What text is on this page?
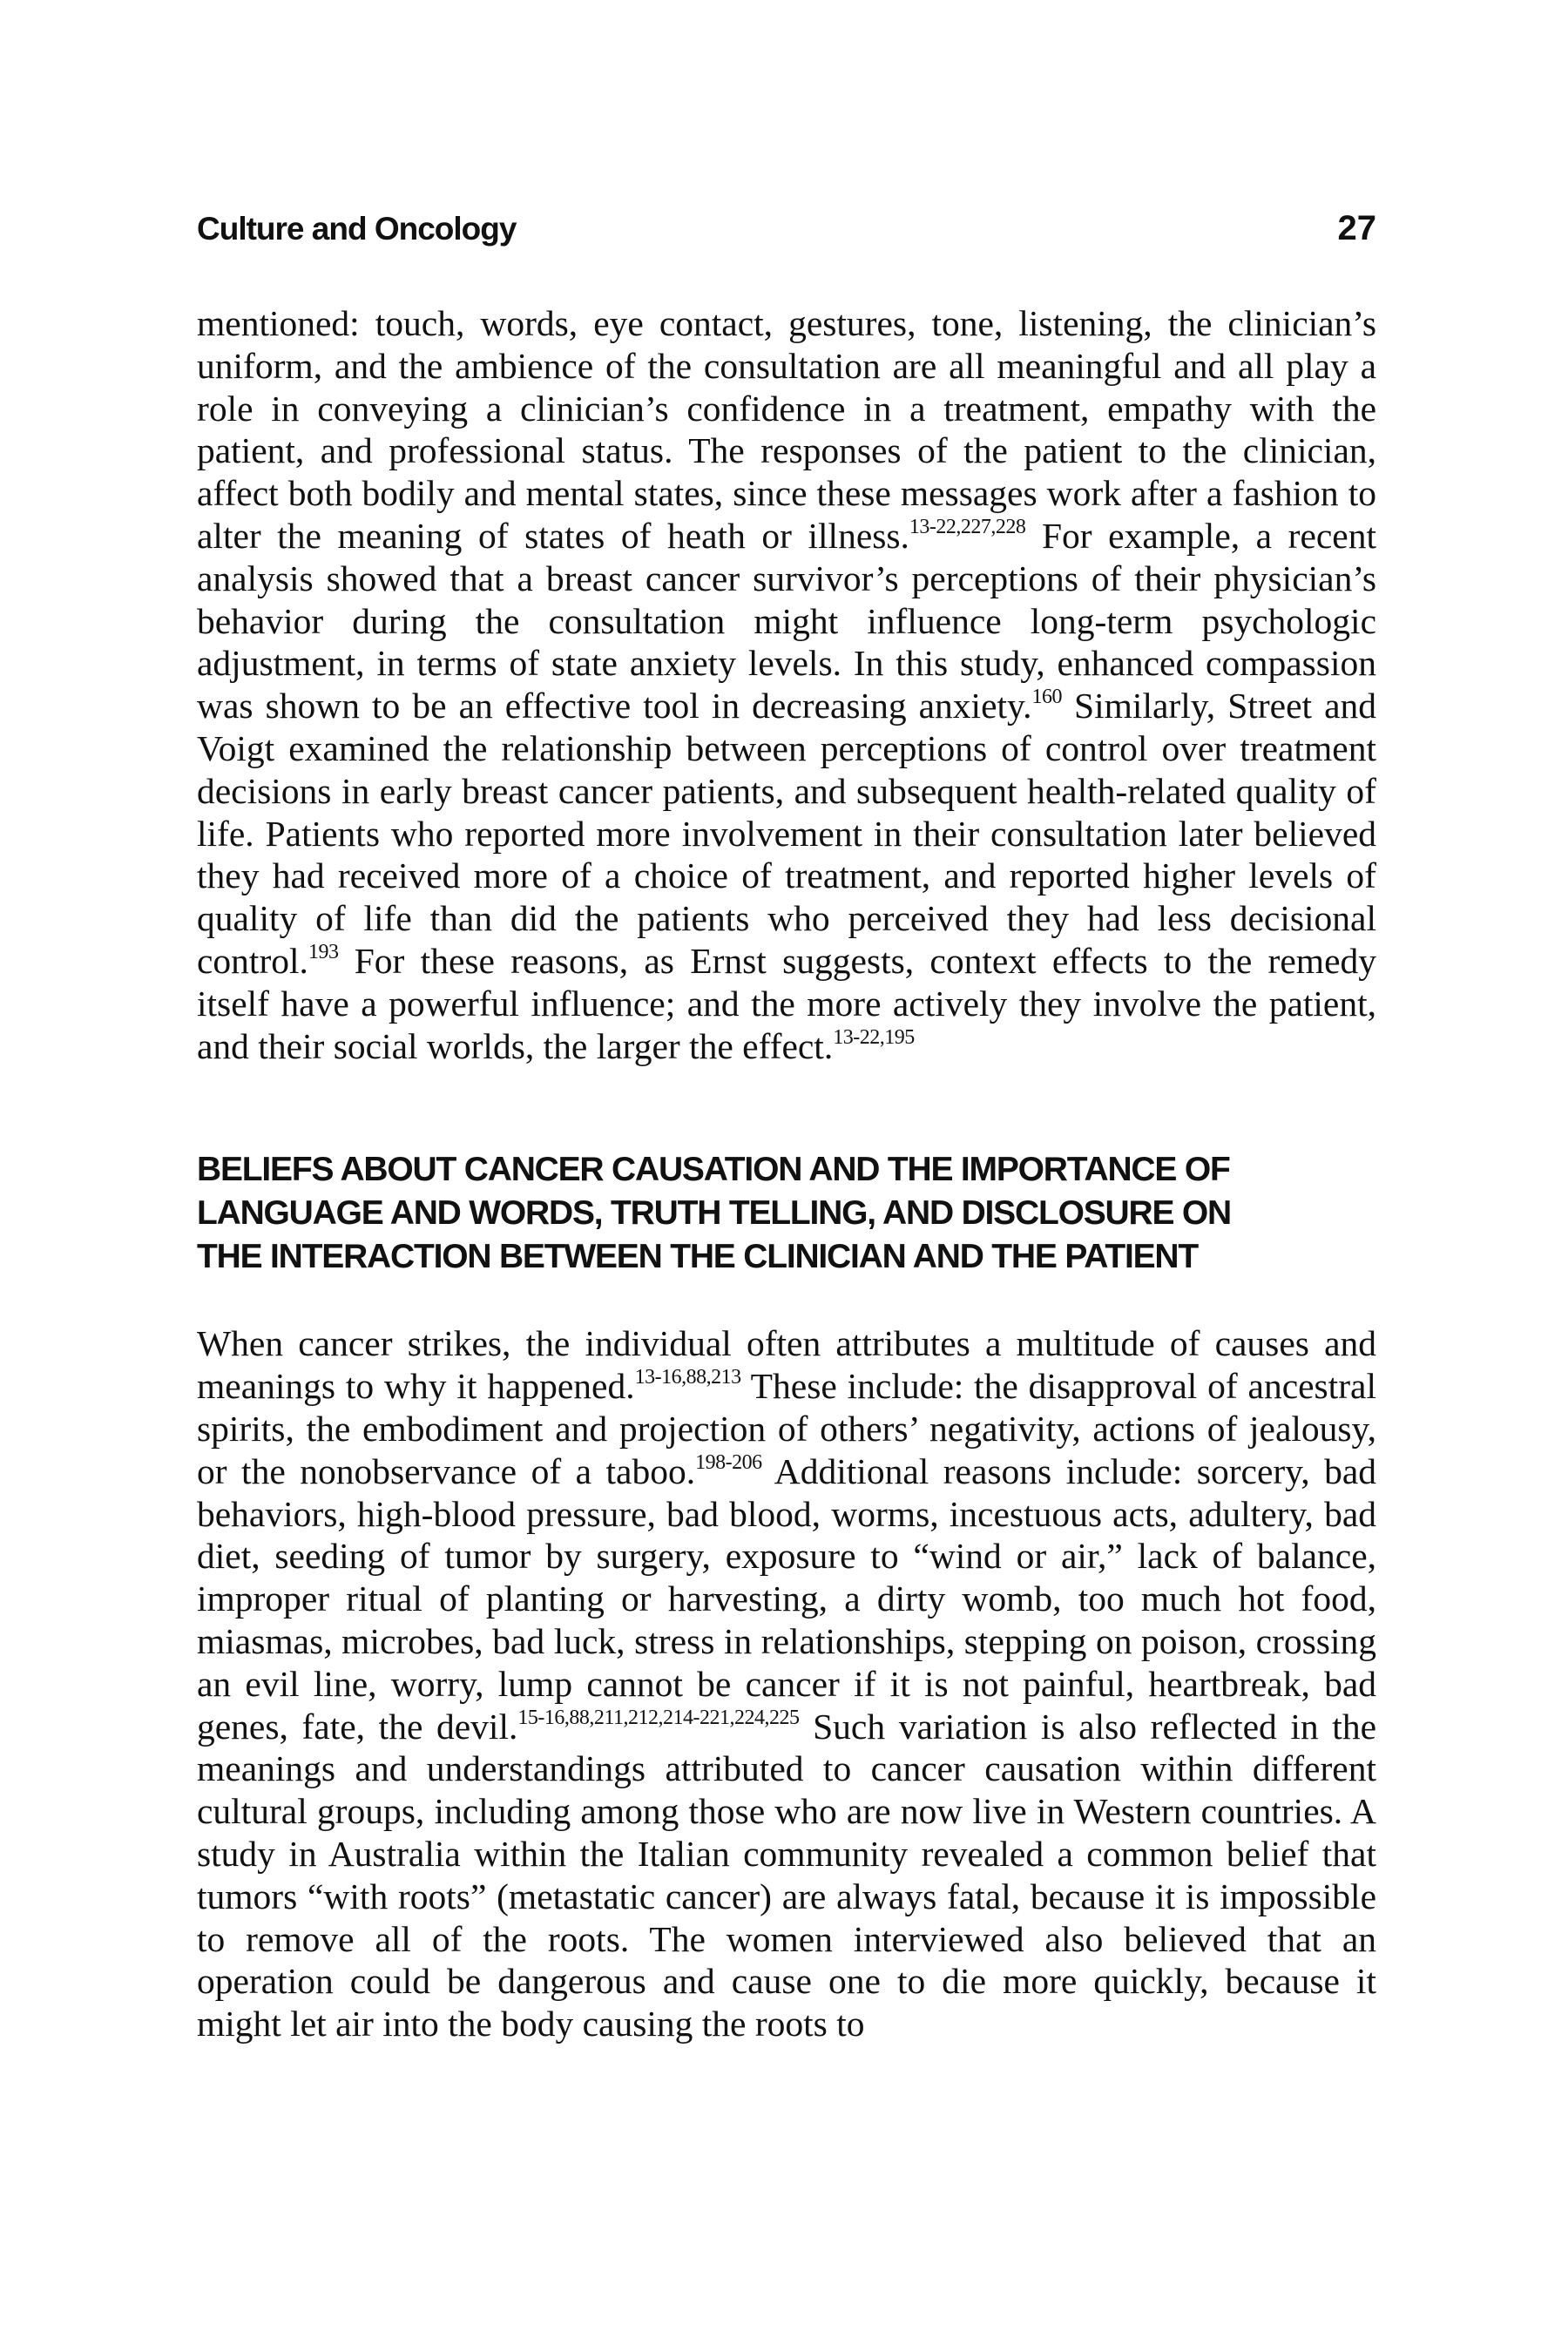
Culture and Oncology	27

mentioned: touch, words, eye contact, gestures, tone, listening, the clinician’s uniform, and the ambience of the consultation are all meaningful and all play a role in conveying a clinician’s confidence in a treatment, empathy with the patient, and professional status. The responses of the patient to the clinician, affect both bodily and mental states, since these messages work after a fashion to alter the meaning of states of heath or illness.$^{13-22,227,228}$ For example, a recent analysis showed that a breast cancer survivor’s perceptions of their physician’s behavior during the consultation might influence long-term psychologic adjustment, in terms of state anxiety levels. In this study, enhanced compassion was shown to be an effective tool in decreasing anxiety.$^{160}$ Similarly, Street and Voigt examined the relationship between perceptions of control over treatment decisions in early breast cancer patients, and subsequent health-related quality of life. Patients who reported more involvement in their consultation later believed they had received more of a choice of treatment, and reported higher levels of quality of life than did the patients who perceived they had less decisional control.$^{193}$ For these reasons, as Ernst suggests, context effects to the remedy itself have a powerful influence; and the more actively they involve the patient, and their social worlds, the larger the effect.$^{13-22,195}$

BELIEFS ABOUT CANCER CAUSATION AND THE IMPORTANCE OF
LANGUAGE AND WORDS, TRUTH TELLING, AND DISCLOSURE ON
THE INTERACTION BETWEEN THE CLINICIAN AND THE PATIENT

When cancer strikes, the individual often attributes a multitude of causes and meanings to why it happened.$^{13-16,88,213}$ These include: the disapproval of ancestral spirits, the embodiment and projection of others’ negativity, actions of jealousy, or the nonobservance of a taboo.$^{198-206}$ Additional reasons include: sorcery, bad behaviors, high-blood pressure, bad blood, worms, incestuous acts, adultery, bad diet, seeding of tumor by surgery, exposure to “wind or air,” lack of balance, improper ritual of planting or harvesting, a dirty womb, too much hot food, miasmas, microbes, bad luck, stress in relationships, stepping on poison, crossing an evil line, worry, lump cannot be cancer if it is not painful, heartbreak, bad genes, fate, the devil.$^{15-16,88,211,212,214-221,224,225}$ Such variation is also reflected in the meanings and understandings attributed to cancer causation within different cultural groups, including among those who are now live in Western countries. A study in Australia within the Italian community revealed a common belief that tumors “with roots” (metastatic cancer) are always fatal, because it is impossible to remove all of the roots. The women interviewed also believed that an operation could be dangerous and cause one to die more quickly, because it might let air into the body causing the roots to
